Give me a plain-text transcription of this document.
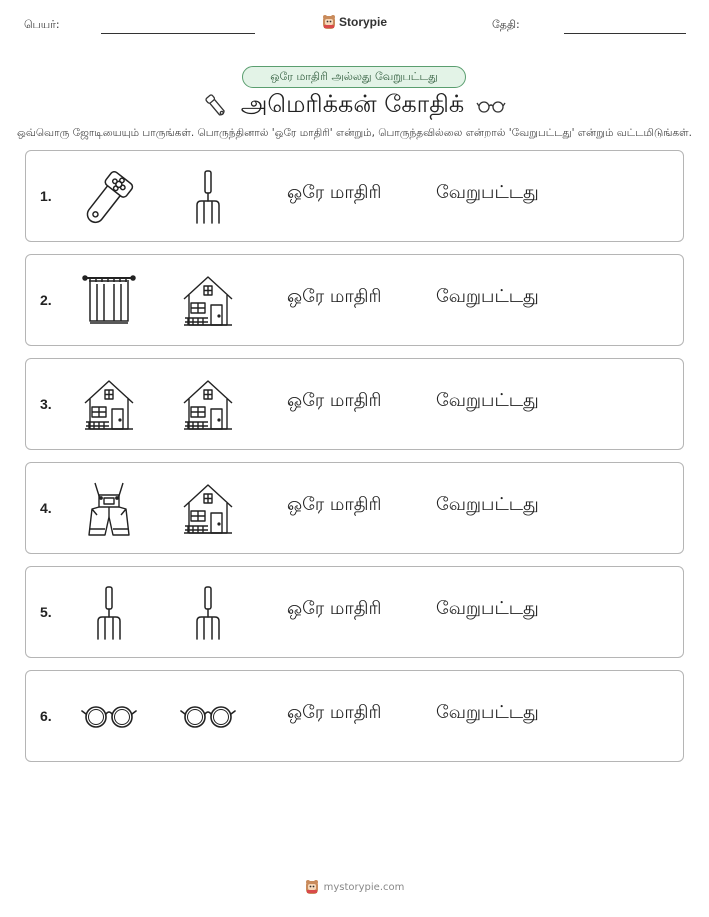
பெயர்:	Storypie	தேதி:
ஒரே மாதிரி அல்லது வேறுபட்டது
அமெரிக்கன் கோதிக்
ஒவ்வொரு ஜோடியையும் பாருங்கள். பொருந்தினால் 'ஒரே மாதிரி' என்றும், பொருந்தவில்லை என்றால் 'வேறுபட்டது' என்றும் வட்டமிடுங்கள்.
1.	ஒரே மாதிரி	வேறுபட்டது
2.	ஒரே மாதிரி	வேறுபட்டது
3.	ஒரே மாதிரி	வேறுபட்டது
4.	ஒரே மாதிரி	வேறுபட்டது
5.	ஒரே மாதிரி	வேறுபட்டது
6.	ஒரே மாதிரி	வேறுபட்டது
mystorypie.com
